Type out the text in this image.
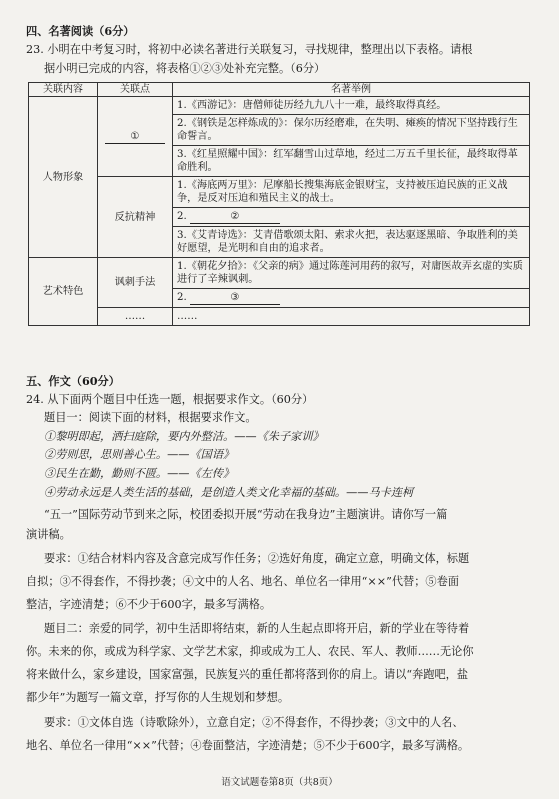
四、名著阅读（6分）
23. 小明在中考复习时，将初中必读名著进行关联复习，寻找规律，整理出以下表格。请根
据小明已完成的内容，将表格①②③处补充完整。（6分）
关联内容	关联点	名著举例
人物形象	①	1.《西游记》：唐僧师徒历经九九八十一难，最终取得真经。
		2.《钢铁是怎样炼成的》：保尔历经磨难，在失明、瘫痪的情况下坚持践行生命誓言。
		3.《红星照耀中国》：红军翻雪山过草地，经过二万五千里长征，最终取得革命胜利。
	反抗精神	1.《海底两万里》：尼摩船长搜集海底金银财宝，支持被压迫民族的正义战争，是反对压迫和殖民主义的战士。
		2. ②
		3.《艾青诗选》：艾青借歌颂太阳、索求火把，表达驱逐黑暗、争取胜利的美好愿望，是光明和自由的追求者。
艺术特色	讽刺手法	1.《朝花夕拾》：《父亲的病》通过陈莲河用药的叙写，对庸医故弄玄虚的实质进行了辛辣讽刺。
		2. ③
	……	……
五、作文（60分）
24. 从下面两个题目中任选一题，根据要求作文。（60分）
题目一：阅读下面的材料，根据要求作文。
①黎明即起，洒扫庭除，要内外整洁。——《朱子家训》
②劳则思，思则善心生。——《国语》
③民生在勤，勤则不匮。——《左传》
④劳动永远是人类生活的基础，是创造人类文化幸福的基础。——马卡连柯
“五一”国际劳动节到来之际，校团委拟开展“劳动在我身边”主题演讲。请你写一篇
演讲稿。
要求：①结合材料内容及含意完成写作任务；②选好角度，确定立意，明确文体，标题
自拟；③不得套作，不得抄袭；④文中的人名、地名、单位名一律用“××”代替；⑤卷面
整洁，字迹清楚；⑥不少于600字，最多写满格。
题目二：亲爱的同学，初中生活即将结束，新的人生起点即将开启，新的学业在等待着
你。未来的你，或成为科学家、文学艺术家，抑或成为工人、农民、军人、教师……无论你
将来做什么，家乡建设，国家富强，民族复兴的重任都将落到你的肩上。请以“奔跑吧，盐
都少年”为题写一篇文章，抒写你的人生规划和梦想。
要求：①文体自选（诗歌除外），立意自定；②不得套作，不得抄袭；③文中的人名、
地名、单位名一律用“××”代替；④卷面整洁，字迹清楚；⑤不少于600字，最多写满格。
语文试题卷第8页（共8页）
